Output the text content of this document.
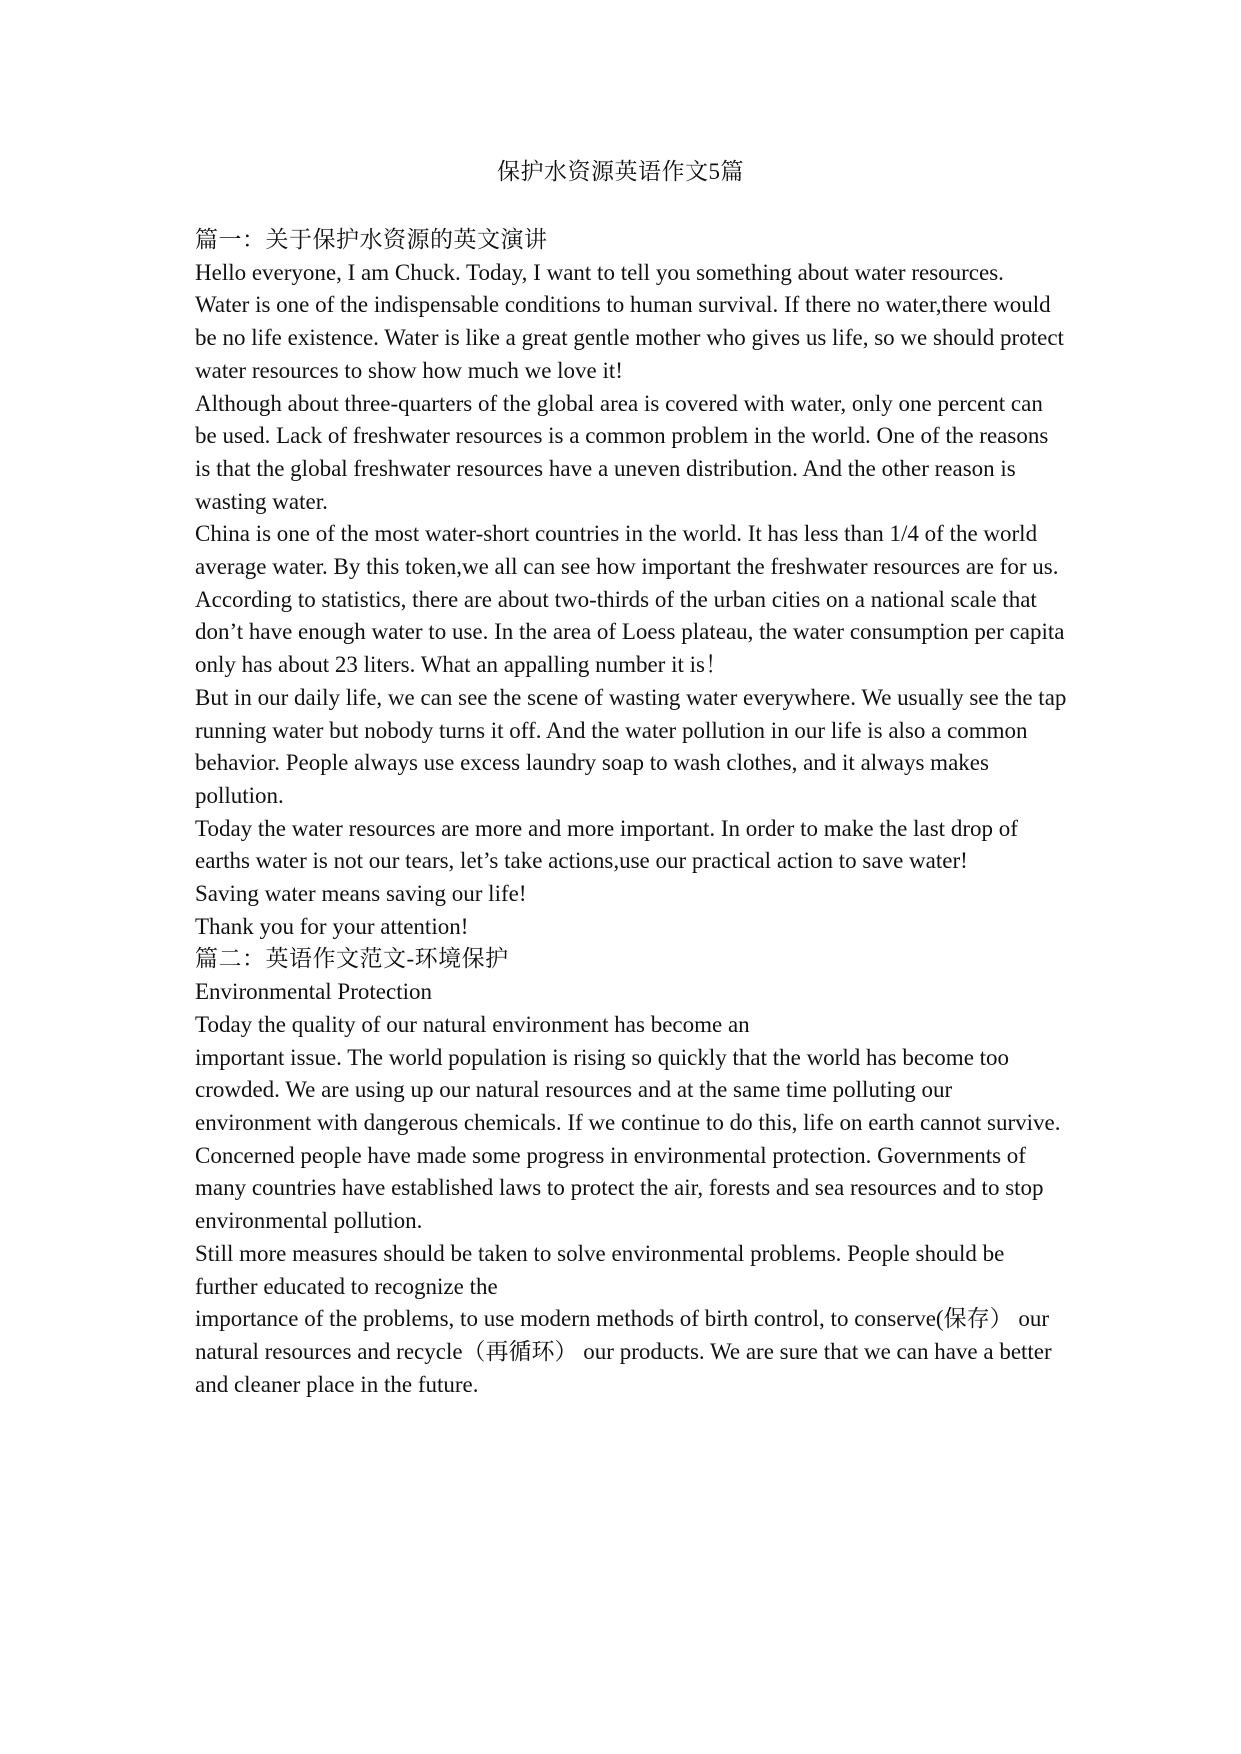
保护水资源英语作文5篇

篇一：关于保护水资源的英文演讲

Hello everyone, I am Chuck. Today, I want to tell you something about water resources.

Water is one of the indispensable conditions to human survival. If there no water,there would be no life existence. Water is like a great gentle mother who gives us life, so we should protect water resources to show how much we love it!

Although about three-quarters of the global area is covered with water, only one percent can be used. Lack of freshwater resources is a common problem in the world. One of the reasons is that the global freshwater resources have a uneven distribution. And the other reason is wasting water.

China is one of the most water-short countries in the world. It has less than 1/4 of the world average water. By this token,we all can see how important the freshwater resources are for us. According to statistics, there are about two-thirds of the urban cities on a national scale that don’t have enough water to use. In the area of Loess plateau, the water consumption per capita only has about 23 liters. What an appalling number it is！

But in our daily life, we can see the scene of wasting water everywhere. We usually see the tap running water but nobody turns it off. And the water pollution in our life is also a common behavior. People always use excess laundry soap to wash clothes, and it always makes pollution.

Today the water resources are more and more important. In order to make the last drop of earths water is not our tears, let’s take actions,use our practical action to save water!

Saving water means saving our life!

Thank you for your attention!

篇二：英语作文范文-环境保护

Environmental Protection

Today the quality of our natural environment has become an

important issue. The world population is rising so quickly that the world has become too crowded. We are using up our natural resources and at the same time polluting our environment with dangerous chemicals. If we continue to do this, life on earth cannot survive.

Concerned people have made some progress in environmental protection. Governments of many countries have established laws to protect the air, forests and sea resources and to stop environmental pollution.

Still more measures should be taken to solve environmental problems. People should be further educated to recognize the

importance of the problems, to use modern methods of birth control, to conserve(保存） our natural resources and recycle（再循环） our products. We are sure that we can have a better and cleaner place in the future.
